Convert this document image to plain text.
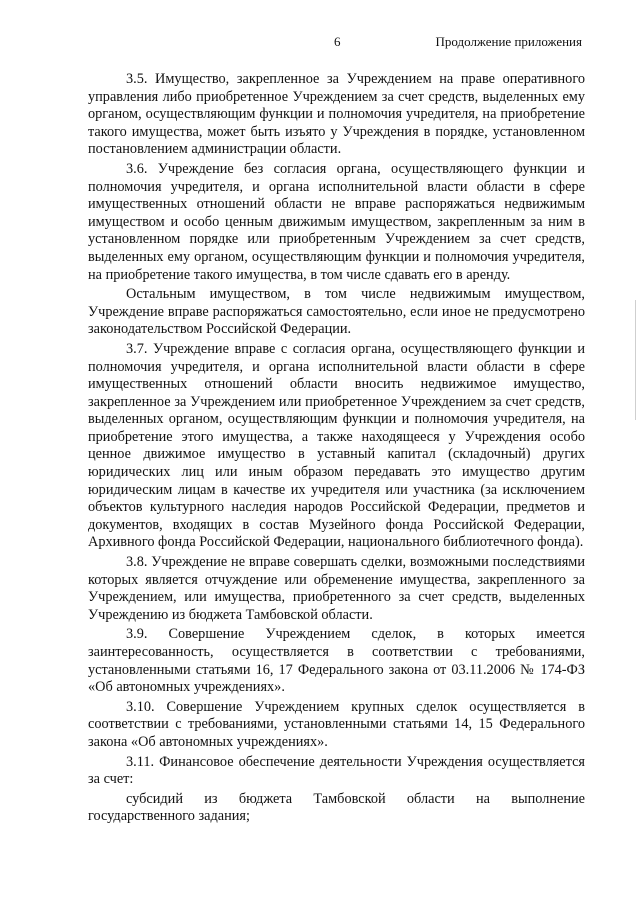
6	Продолжение приложения

3.5. Имущество, закрепленное за Учреждением на праве оперативного управления либо приобретенное Учреждением за счет средств, выделенных ему органом, осуществляющим функции и полномочия учредителя, на приобретение такого имущества, может быть изъято у Учреждения в порядке, установленном постановлением администрации области.

3.6. Учреждение без согласия органа, осуществляющего функции и полномочия учредителя, и органа исполнительной власти области в сфере имущественных отношений области не вправе распоряжаться недвижимым имуществом и особо ценным движимым имуществом, закрепленным за ним в установленном порядке или приобретенным Учреждением за счет средств, выделенных ему органом, осуществляющим функции и полномочия учредителя, на приобретение такого имущества, в том числе сдавать его в аренду.

Остальным имуществом, в том числе недвижимым имуществом, Учреждение вправе распоряжаться самостоятельно, если иное не предусмотрено законодательством Российской Федерации.

3.7. Учреждение вправе с согласия органа, осуществляющего функции и полномочия учредителя, и органа исполнительной власти области в сфере имущественных отношений области вносить недвижимое имущество, закрепленное за Учреждением или приобретенное Учреждением за счет средств, выделенных органом, осуществляющим функции и полномочия учредителя, на приобретение этого имущества, а также находящееся у Учреждения особо ценное движимое имущество в уставный капитал (складочный) других юридических лиц или иным образом передавать это имущество другим юридическим лицам в качестве их учредителя или участника (за исключением объектов культурного наследия народов Российской Федерации, предметов и документов, входящих в состав Музейного фонда Российской Федерации, Архивного фонда Российской Федерации, национального библиотечного фонда).

3.8. Учреждение не вправе совершать сделки, возможными последствиями которых является отчуждение или обременение имущества, закрепленного за Учреждением, или имущества, приобретенного за счет средств, выделенных Учреждению из бюджета Тамбовской области.

3.9. Совершение Учреждением сделок, в которых имеется заинтересованность, осуществляется в соответствии с требованиями, установленными статьями 16, 17 Федерального закона от 03.11.2006 № 174-ФЗ «Об автономных учреждениях».

3.10. Совершение Учреждением крупных сделок осуществляется в соответствии с требованиями, установленными статьями 14, 15 Федерального закона «Об автономных учреждениях».

3.11. Финансовое обеспечение деятельности Учреждения осуществляется за счет:

субсидий из бюджета Тамбовской области на выполнение государственного задания;
